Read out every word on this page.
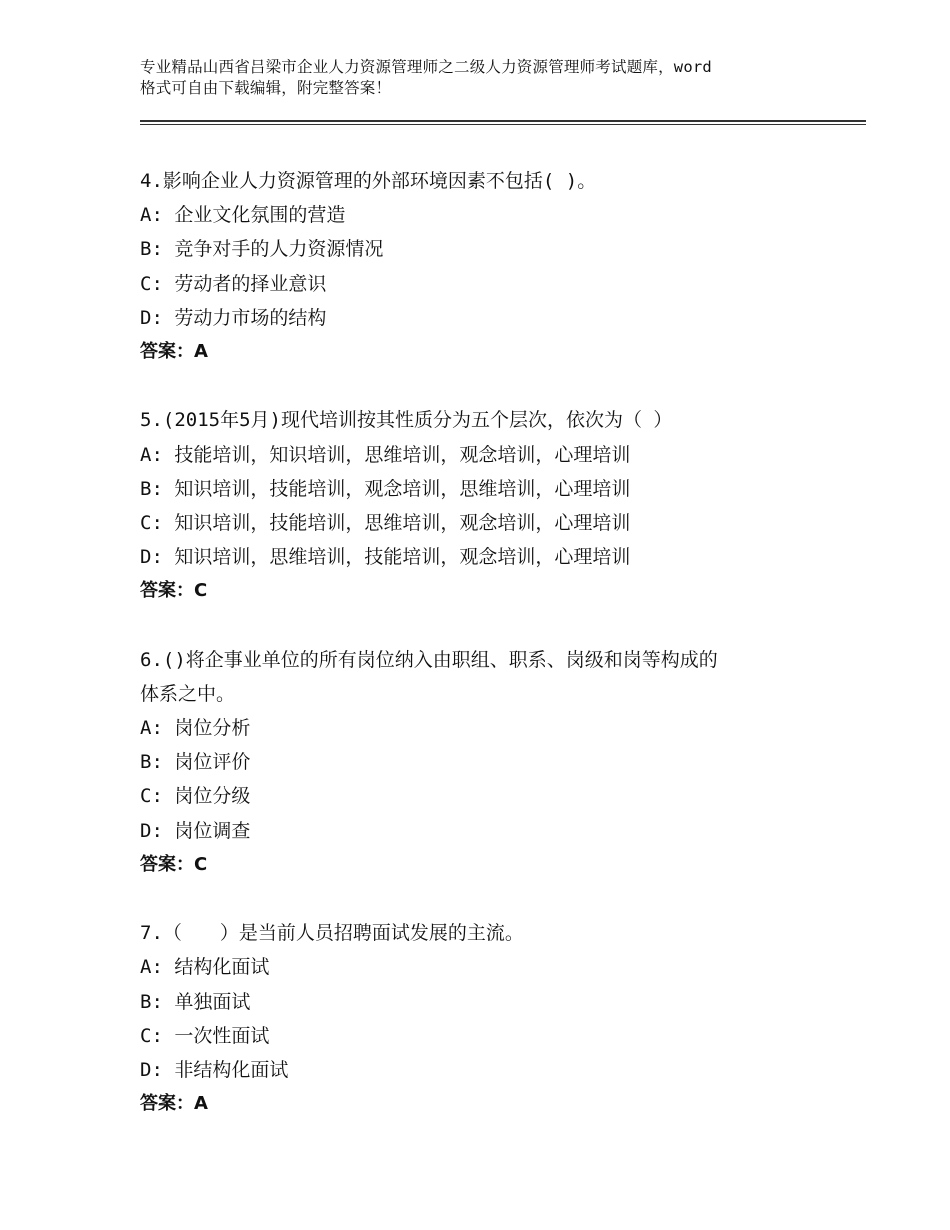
专业精品山西省吕梁市企业人力资源管理师之二级人力资源管理师考试题库，word
格式可自由下载编辑，附完整答案！
4.影响企业人力资源管理的外部环境因素不包括( )。
A: 企业文化氛围的营造
B: 竞争对手的人力资源情况
C: 劳动者的择业意识
D: 劳动力市场的结构
答案：A
5.(2015年5月)现代培训按其性质分为五个层次，依次为（ ）
A: 技能培训，知识培训，思维培训，观念培训，心理培训
B: 知识培训，技能培训，观念培训，思维培训，心理培训
C: 知识培训，技能培训，思维培训，观念培训，心理培训
D: 知识培训，思维培训，技能培训，观念培训，心理培训
答案：C
6.()将企事业单位的所有岗位纳入由职组、职系、岗级和岗等构成的
体系之中。
A: 岗位分析
B: 岗位评价
C: 岗位分级
D: 岗位调查
答案：C
7.（　　）是当前人员招聘面试发展的主流。
A: 结构化面试
B: 单独面试
C: 一次性面试
D: 非结构化面试
答案：A
